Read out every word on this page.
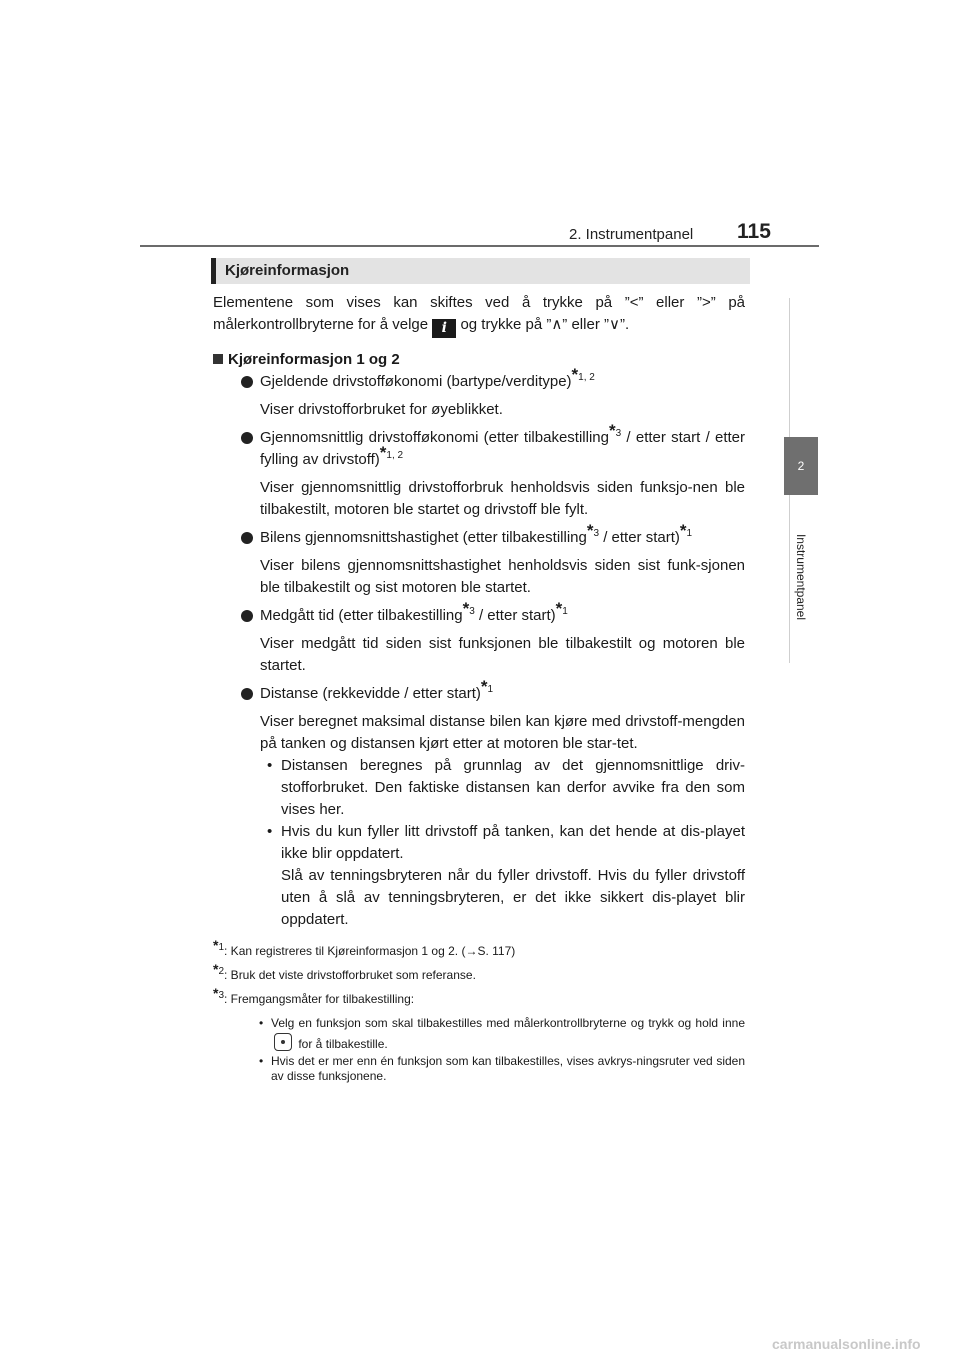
2. Instrumentpanel 115
2
Instrumentpanel
Kjøreinformasjon

Elementene som vises kan skiftes ved å trykke på ”<” eller ”>” på målerkontrollbryterne for å velge i og trykke på ”∧” eller ”∨”.

Kjøreinformasjon 1 og 2

Gjeldende drivstofføkonomi (bartype/verditype)$^{*1, 2}$

Viser drivstofforbruket for øyeblikket.

Gjennomsnittlig drivstofføkonomi (etter tilbakestilling$^{*3}$ / etter start / etter fylling av drivstoff)$^{*1, 2}$

Viser gjennomsnittlig drivstofforbruk henholdsvis siden funksjo-nen ble tilbakestilt, motoren ble startet og drivstoff ble fylt.

Bilens gjennomsnittshastighet (etter tilbakestilling$^{*3}$ / etter start)$^{*1}$

Viser bilens gjennomsnittshastighet henholdsvis siden sist funk-sjonen ble tilbakestilt og sist motoren ble startet.

Medgått tid (etter tilbakestilling$^{*3}$ / etter start)$^{*1}$

Viser medgått tid siden sist funksjonen ble tilbakestilt og motoren ble startet.

Distanse (rekkevidde / etter start)$^{*1}$

Viser beregnet maksimal distanse bilen kan kjøre med drivstoff-mengden på tanken og distansen kjørt etter at motoren ble star-tet.

• Distansen beregnes på grunnlag av det gjennomsnittlige driv-stofforbruket. Den faktiske distansen kan derfor avvike fra den som vises her.

• Hvis du kun fyller litt drivstoff på tanken, kan det hende at dis-playet ikke blir oppdatert.

Slå av tenningsbryteren når du fyller drivstoff. Hvis du fyller drivstoff uten å slå av tenningsbryteren, er det ikke sikkert dis-playet blir oppdatert.

$^{*1}$: Kan registreres til Kjøreinformasjon 1 og 2. (→S. 117)

$^{*2}$: Bruk det viste drivstofforbruket som referanse.

$^{*3}$: Fremgangsmåter for tilbakestilling:

• Velg en funksjon som skal tilbakestilles med målerkontrollbryterne og trykk og hold inne  for å tilbakestille.

• Hvis det er mer enn én funksjon som kan tilbakestilles, vises avkrys-ningsruter ved siden av disse funksjonene.

carmanualsonline.info
